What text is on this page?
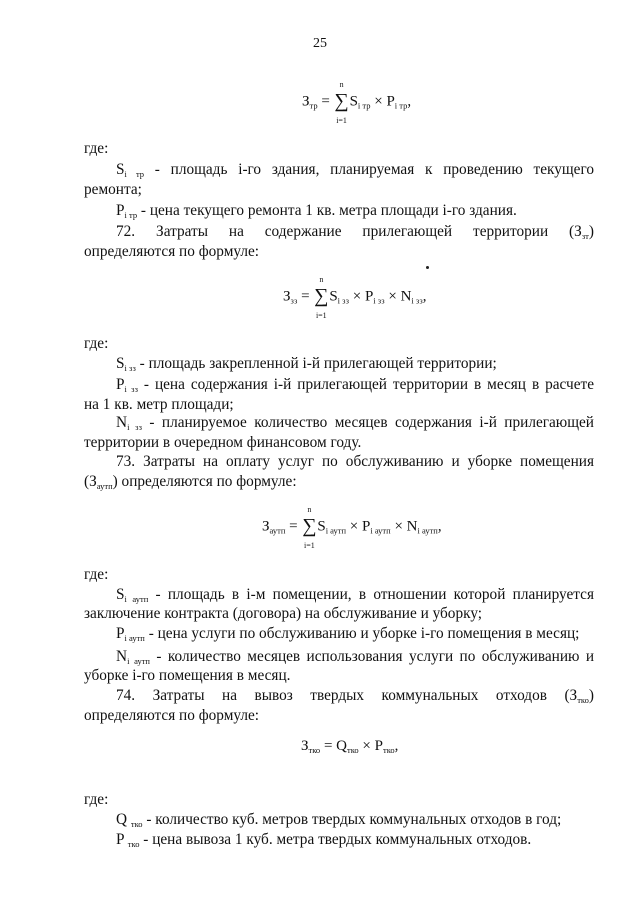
25
$З_{тр}$ =
n
∑
i=1
$S_{i тр} \times P_{i тр}$,
где:
$S_{i тр}$ - площадь i-го здания, планируемая к проведению текущего
ремонта;
$P_{i тр}$ - цена текущего ремонта 1 кв. метра площади i-го здания.
72. Затраты на содержание прилегающей территории $(З_{зт})$
определяются по формуле:
$З_{зз}$ =
n
∑
i=1
$S_{i зз} \times P_{i зз} \times N_{i зз}$,
где:
$S_{i зз}$ - площадь закрепленной i-й прилегающей территории;
$P_{i зз}$ - цена содержания i-й прилегающей территории в месяц в расчете
на 1 кв. метр площади;
$N_{i зз}$ - планируемое количество месяцев содержания i-й прилегающей
территории в очередном финансовом году.
73. Затраты на оплату услуг по обслуживанию и уборке помещения
$(З_{аутп})$ определяются по формуле:
$З_{аутп}$ =
n
∑
i=1
$S_{i аутп} \times P_{i аутп} \times N_{i аутп}$,
где:
$S_{i аутп}$ - площадь в i-м помещении, в отношении которой планируется
заключение контракта (договора) на обслуживание и уборку;
$P_{i аутп}$ - цена услуги по обслуживанию и уборке i-го помещения в месяц;
$N_{i аутп}$ - количество месяцев использования услуги по обслуживанию и
уборке i-го помещения в месяц.
74. Затраты на вывоз твердых коммунальных отходов $(З_{тко})$
определяются по формуле:
$З_{тко} = Q_{тко} \times P_{тко}$,
где:
Q $_{тко}$ - количество куб. метров твердых коммунальных отходов в год;
P $_{тко}$ - цена вывоза 1 куб. метра твердых коммунальных отходов.
